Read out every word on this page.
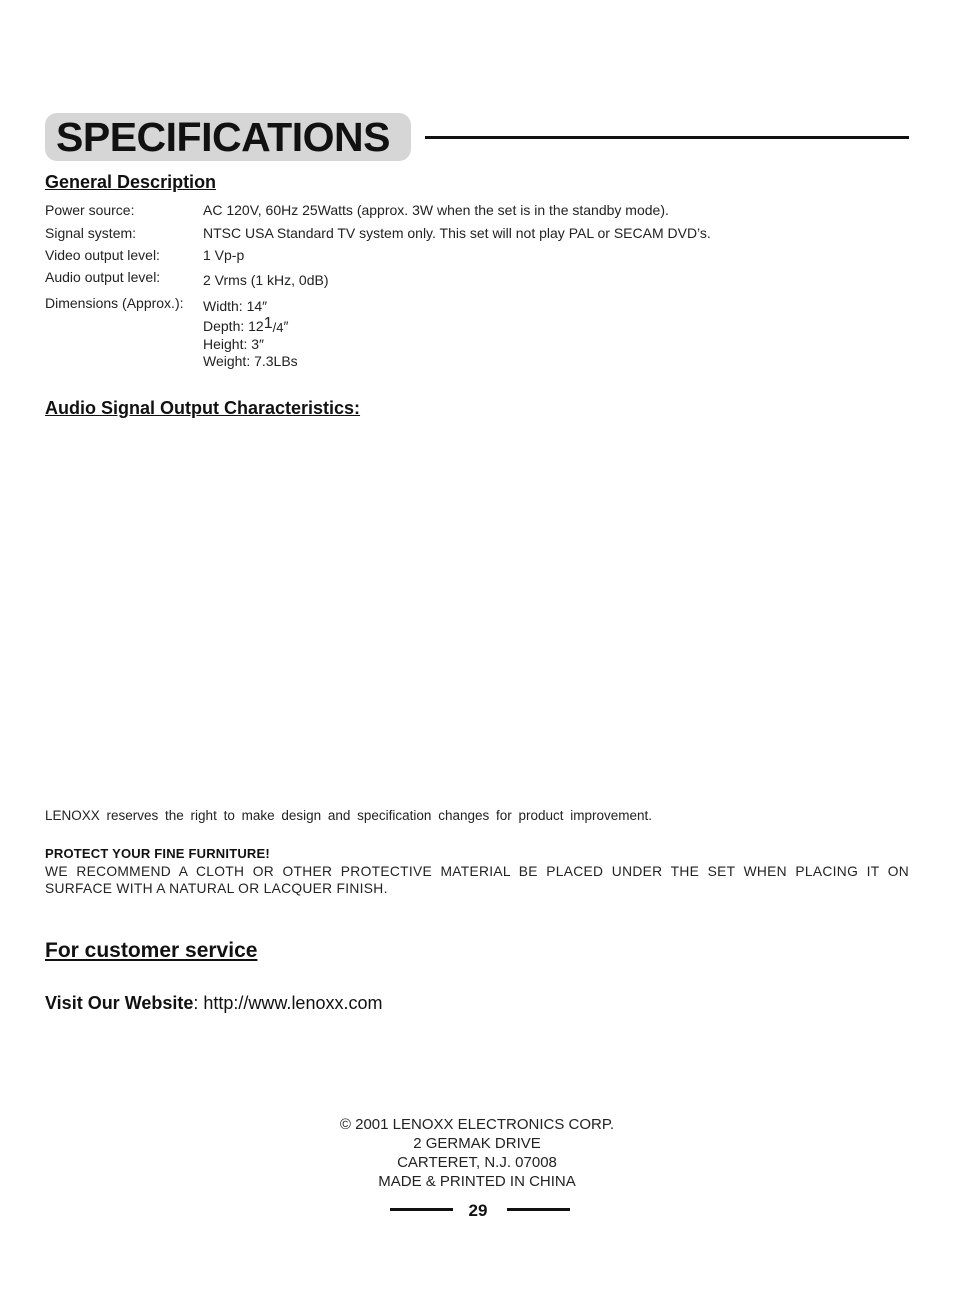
SPECIFICATIONS
General Description
Power source:	AC 120V, 60Hz 25Watts (approx. 3W when the set is in the standby mode).
Signal system:	NTSC USA Standard TV system only. This set will not play PAL or SECAM DVD’s.
Video output level:	1 Vp-p
Audio output level:	2 Vrms (1 kHz, 0dB)
Dimensions (Approx.): Width: 14″
Depth: 121/4″
Height: 3″
Weight: 7.3LBs
Audio Signal Output Characteristics:
LENOXX reserves the right to make design and specification changes for product improvement.
PROTECT YOUR FINE FURNITURE!
WE RECOMMEND A CLOTH OR OTHER PROTECTIVE MATERIAL BE PLACED UNDER THE SET WHEN PLACING IT ON SURFACE WITH A NATURAL OR LACQUER FINISH.
For customer service
Visit Our Website: http://www.lenoxx.com
© 2001 LENOXX ELECTRONICS CORP.
2 GERMAK DRIVE
CARTERET, N.J. 07008
MADE & PRINTED IN CHINA
29
